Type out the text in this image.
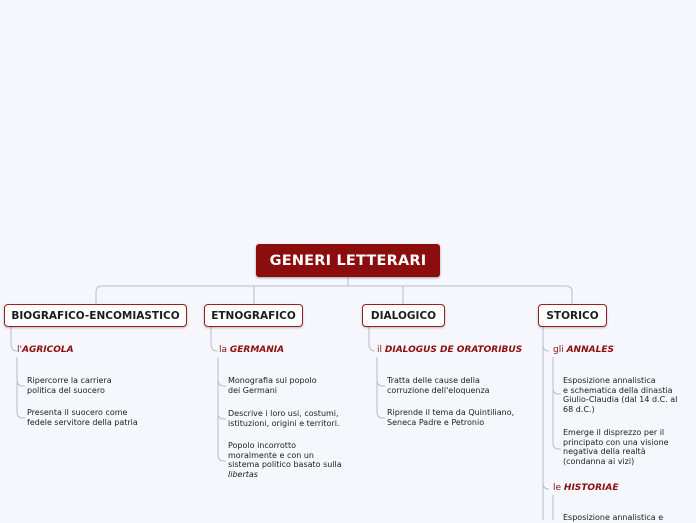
GENERI LETTERARI
BIOGRAFICO-ENCOMIASTICO
l'AGRICOLA
Ripercorre la carriera
politica del suocero
Presenta il suocero come
fedele servitore della patria
ETNOGRAFICO
la GERMANIA
Monografia sul popolo
dei Germani
Descrive i loro usi, costumi,
istituzioni, origini e territori.
Popolo incorrotto
moralmente e con un
sistema politico basato sulla
libertas
DIALOGICO
il DIALOGUS DE ORATORIBUS
Tratta delle cause della
corruzione dell'eloquenza
Riprende il tema da Quintiliano,
Seneca Padre e Petronio
STORICO
gli ANNALES
Esposizione annalistica
e schematica della dinastia
Giulio-Claudia (dal 14 d.C. al
68 d.C.)
Emerge il disprezzo per il
principato con una visione
negativa della realtà
(condanna ai vizi)
le HISTORIAE
Esposizione annalistica e
